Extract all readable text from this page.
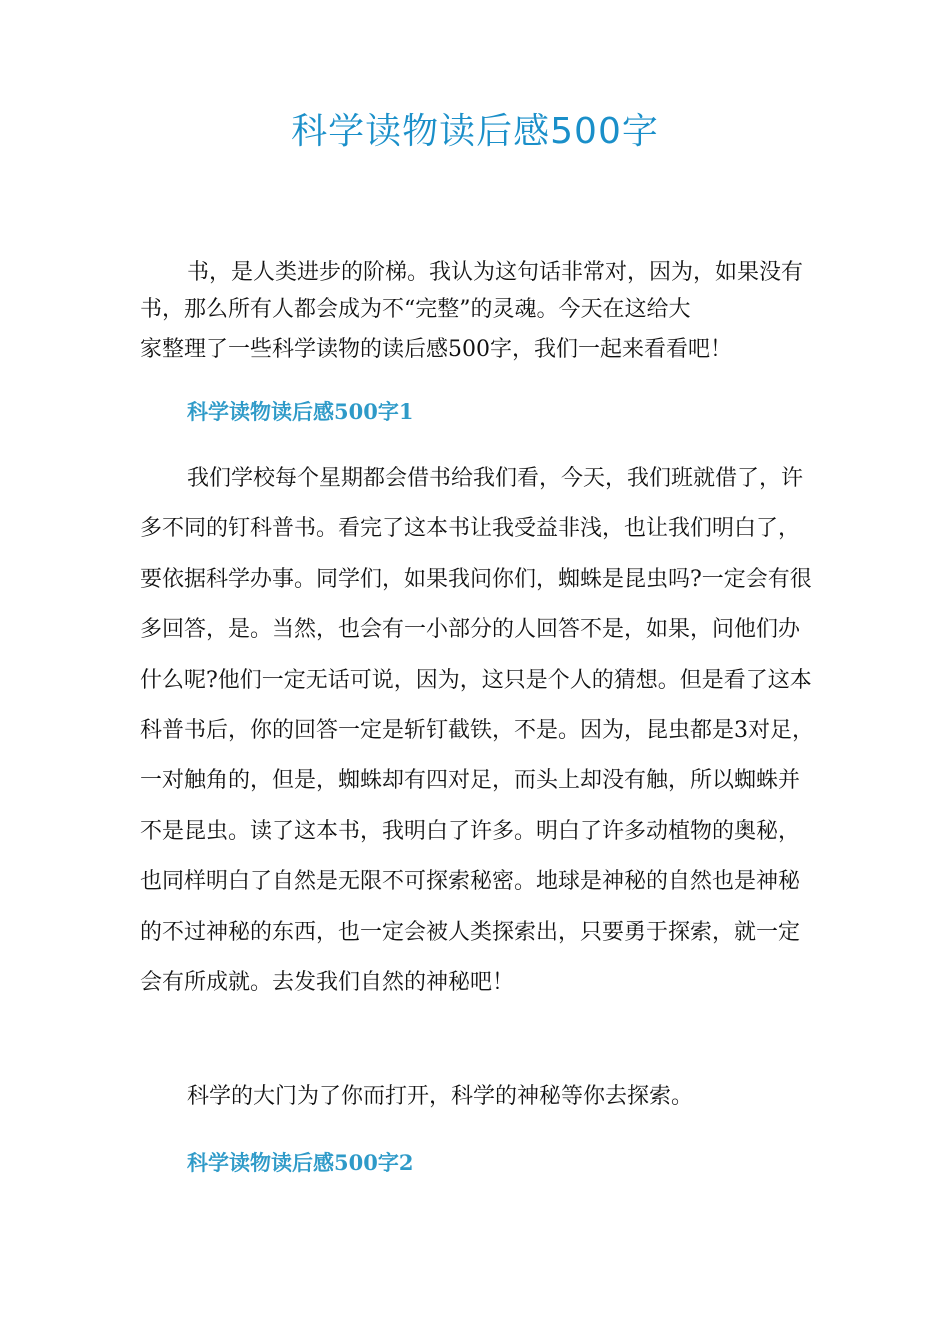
科学读物读后感500字

书，是人类进步的阶梯。我认为这句话非常对，因为，如果没有书，那么所有人都会成为不“完整”的灵魂。今天在这给大

家整理了一些科学读物的读后感500字，我们一起来看看吧！

科学读物读后感500字1

我们学校每个星期都会借书给我们看，今天，我们班就借了，许多不同的钉科普书。看完了这本书让我受益非浅，也让我们明白了，要依据科学办事。同学们，如果我问你们，蜘蛛是昆虫吗?一定会有很多回答，是。当然，也会有一小部分的人回答不是，如果，问他们办什么呢?他们一定无话可说，因为，这只是个人的猜想。但是看了这本科普书后，你的回答一定是斩钉截铁，不是。因为，昆虫都是3对足，一对触角的，但是，蜘蛛却有四对足，而头上却没有触，所以蜘蛛并不是昆虫。读了这本书，我明白了许多。明白了许多动植物的奥秘，也同样明白了自然是无限不可探索秘密。地球是神秘的自然也是神秘的不过神秘的东西，也一定会被人类探索出，只要勇于探索，就一定会有所成就。去发我们自然的神秘吧！

科学的大门为了你而打开，科学的神秘等你去探索。

科学读物读后感500字2
